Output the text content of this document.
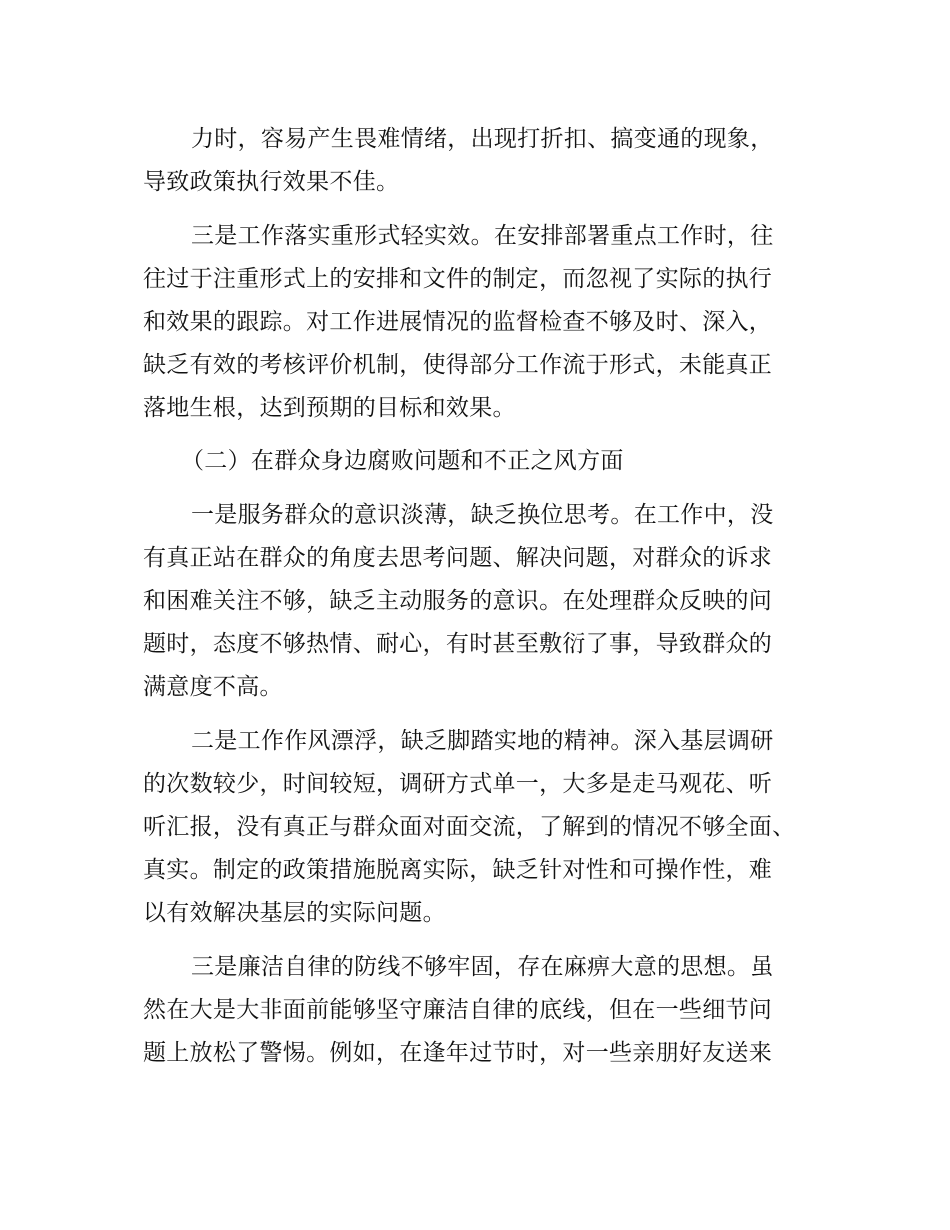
力时，容易产生畏难情绪，出现打折扣、搞变通的现象，

导致政策执行效果不佳。

三是工作落实重形式轻实效。在安排部署重点工作时，往

往过于注重形式上的安排和文件的制定，而忽视了实际的执行

和效果的跟踪。对工作进展情况的监督检查不够及时、深入，

缺乏有效的考核评价机制，使得部分工作流于形式，未能真正

落地生根，达到预期的目标和效果。

（二）在群众身边腐败问题和不正之风方面

一是服务群众的意识淡薄，缺乏换位思考。在工作中，没

有真正站在群众的角度去思考问题、解决问题，对群众的诉求

和困难关注不够，缺乏主动服务的意识。在处理群众反映的问

题时，态度不够热情、耐心，有时甚至敷衍了事，导致群众的

满意度不高。

二是工作作风漂浮，缺乏脚踏实地的精神。深入基层调研

的次数较少，时间较短，调研方式单一，大多是走马观花、听

听汇报，没有真正与群众面对面交流，了解到的情况不够全面、

真实。制定的政策措施脱离实际，缺乏针对性和可操作性，难

以有效解决基层的实际问题。

三是廉洁自律的防线不够牢固，存在麻痹大意的思想。虽

然在大是大非面前能够坚守廉洁自律的底线，但在一些细节问

题上放松了警惕。例如，在逢年过节时，对一些亲朋好友送来
